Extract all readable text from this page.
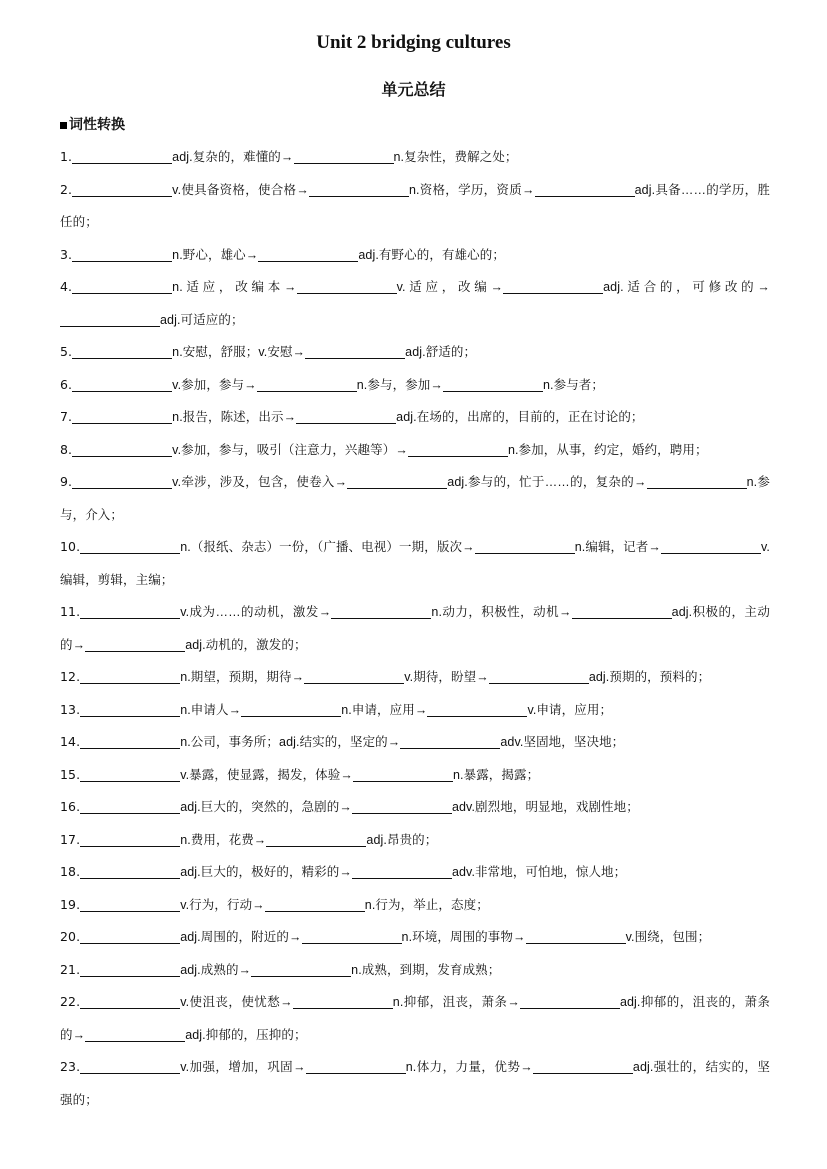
Unit 2 bridging cultures
单元总结
词性转换
1.	adj.复杂的，难懂的→	n.复杂性，费解之处；
2.	v.使具备资格，使合格→	n.资格，学历，资质→	adj.具备……的学历，胜任的；
3.	n.野心，雄心→	adj.有野心的，有雄心的；
4.	n.适应，改编本→	v.适应，改编→	adj.适合的，可修改的→adj.可适应的；
5.	n.安慰，舒服；v.安慰→	adj.舒适的；
6.	v.参加，参与→	n.参与，参加→	n.参与者；
7.	n.报告，陈述，出示→	adj.在场的，出席的，目前的，正在讨论的；
8.	v.参加，参与，吸引（注意力，兴趣等）→	n.参加，从事，约定，婚约，聘用；
9.	v.牵涉，涉及，包含，使卷入→	adj.参与的，忙于……的，复杂的→	n.参与，介入；
10.	n.（报纸、杂志）一份，（广播、电视）一期，版次→	n.编辑，记者→	v.编辑，剪辑，主编；
11.	v.成为……的动机，激发→	n.动力，积极性，动机→	adj.积极的，主动的→	adj.动机的，激发的；
12.	n.期望，预期，期待→	v.期待，盼望→	adj.预期的，预料的；
13.	n.申请人→	n.申请，应用→	v.申请，应用；
14.	n.公司，事务所；adj.结实的，坚定的→	adv.坚固地，坚决地；
15.	v.暴露，使显露，揭发，体验→	n.暴露，揭露；
16.	adj.巨大的，突然的，急剧的→	adv.剧烈地，明显地，戏剧性地；
17.	n.费用，花费→	adj.昂贵的；
18.	adj.巨大的，极好的，精彩的→	adv.非常地，可怕地，惊人地；
19.	v.行为，行动→	n.行为，举止，态度；
20.	adj.周围的，附近的→	n.环境，周围的事物→	v.围绕，包围；
21.	adj.成熟的→	n.成熟，到期，发育成熟；
22.	v.使沮丧，使忧愁→	n.抑郁，沮丧，萧条→	adj.抑郁的，沮丧的，萧条的→	adj.抑郁的，压抑的；
23.	v.加强，增加，巩固→	n.体力，力量，优势→	adj.强壮的，结实的，坚强的；
